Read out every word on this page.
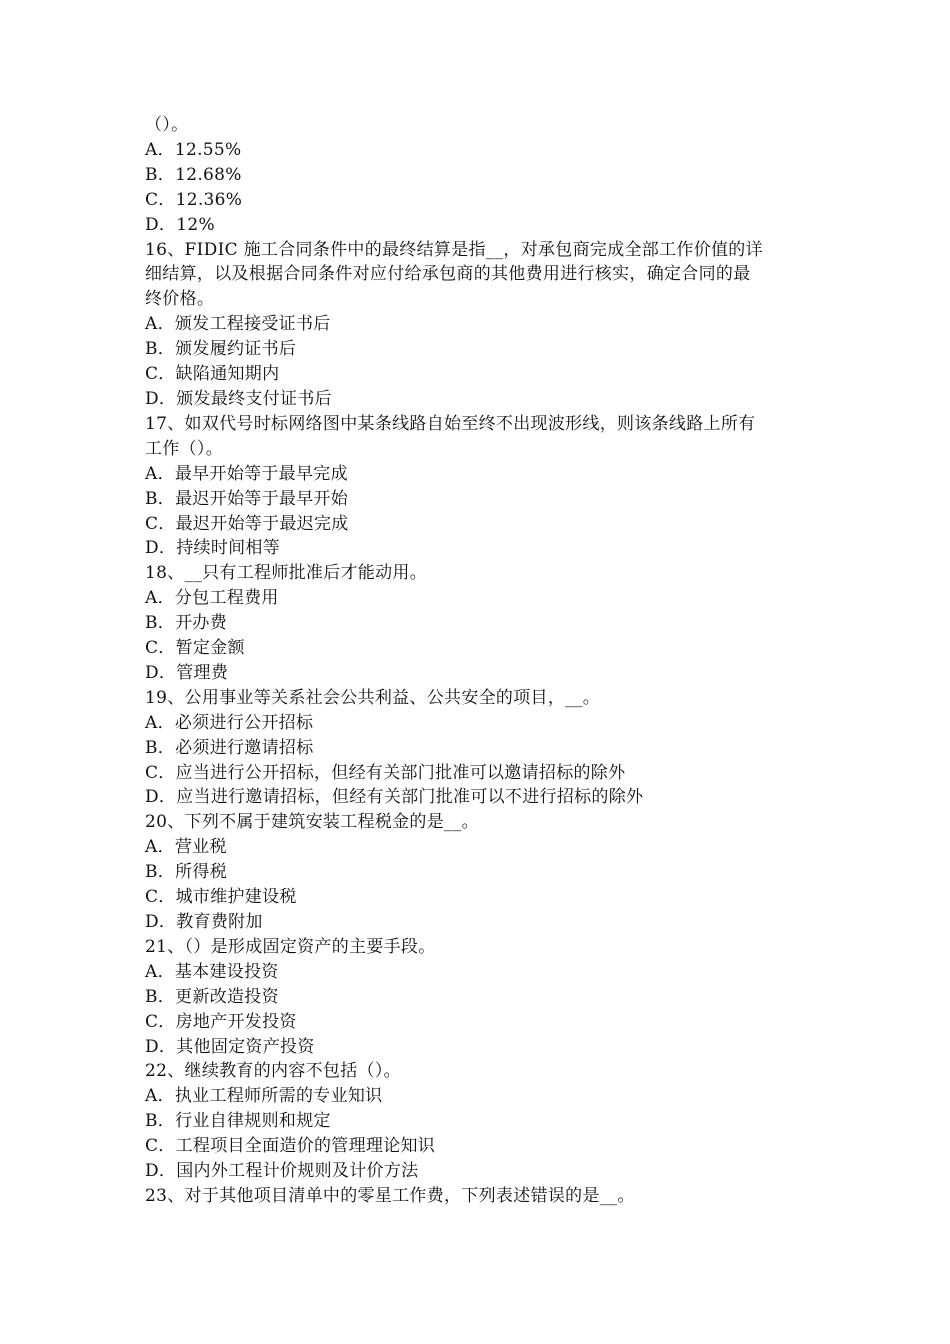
（）。
A．12.55%
B．12.68%
C．12.36%
D．12%
16、FIDIC 施工合同条件中的最终结算是指__，对承包商完成全部工作价值的详
细结算，以及根据合同条件对应付给承包商的其他费用进行核实，确定合同的最
终价格。
A．颁发工程接受证书后
B．颁发履约证书后
C．缺陷通知期内
D．颁发最终支付证书后
17、如双代号时标网络图中某条线路自始至终不出现波形线，则该条线路上所有
工作（）。
A．最早开始等于最早完成
B．最迟开始等于最早开始
C．最迟开始等于最迟完成
D．持续时间相等
18、__只有工程师批准后才能动用。
A．分包工程费用
B．开办费
C．暂定金额
D．管理费
19、公用事业等关系社会公共利益、公共安全的项目，__。
A．必须进行公开招标
B．必须进行邀请招标
C．应当进行公开招标，但经有关部门批准可以邀请招标的除外
D．应当进行邀请招标，但经有关部门批准可以不进行招标的除外
20、下列不属于建筑安装工程税金的是__。
A．营业税
B．所得税
C．城市维护建设税
D．教育费附加
21、（）是形成固定资产的主要手段。
A．基本建设投资
B．更新改造投资
C．房地产开发投资
D．其他固定资产投资
22、继续教育的内容不包括（）。
A．执业工程师所需的专业知识
B．行业自律规则和规定
C．工程项目全面造价的管理理论知识
D．国内外工程计价规则及计价方法
23、对于其他项目清单中的零星工作费，下列表述错误的是__。
